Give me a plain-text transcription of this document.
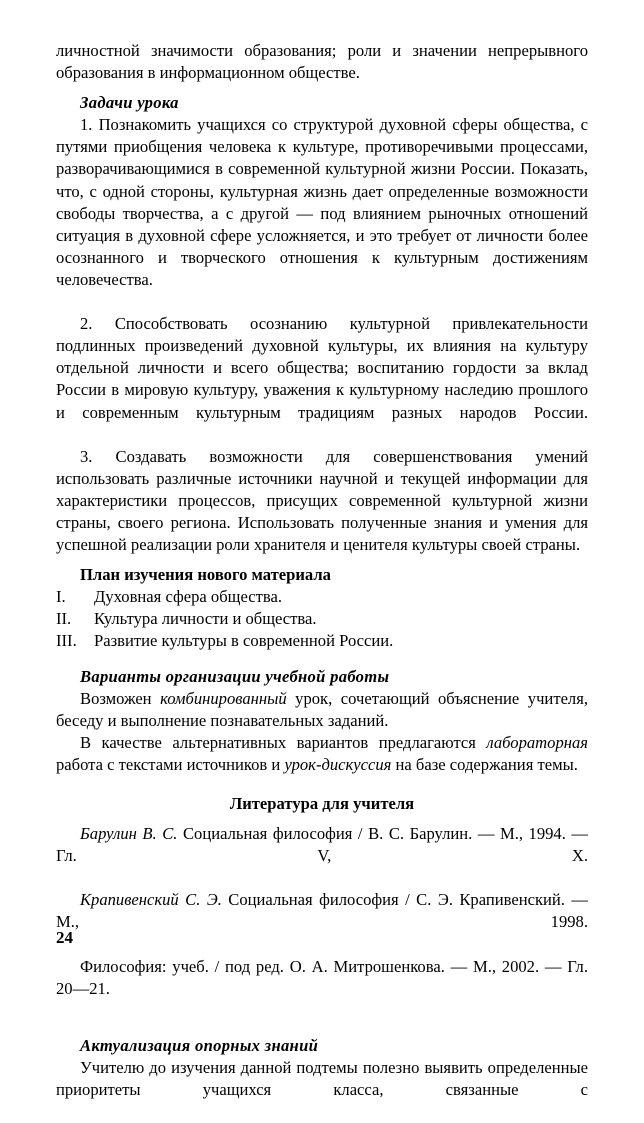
личностной значимости образования; роли и значении непрерывного образования в информационном обществе.
Задачи урока
1. Познакомить учащихся со структурой духовной сферы общества, с путями приобщения человека к культуре, противоречивыми процессами, разворачивающимися в современной культурной жизни России. Показать, что, с одной стороны, культурная жизнь дает определенные возможности свободы творчества, а с другой — под влиянием рыночных отношений ситуация в духовной сфере усложняется, и это требует от личности более осознанного и творческого отношения к культурным достижениям человечества.
2. Способствовать осознанию культурной привлекательности подлинных произведений духовной культуры, их влияния на культуру отдельной личности и всего общества; воспитанию гордости за вклад России в мировую культуру, уважения к культурному наследию прошлого и современным культурным традициям разных народов России.
3. Создавать возможности для совершенствования умений использовать различные источники научной и текущей информации для характеристики процессов, присущих современной культурной жизни страны, своего региона. Использовать полученные знания и умения для успешной реализации роли хранителя и ценителя культуры своей страны.
План изучения нового материала
I.	Духовная сфера общества.
II.	Культура личности и общества.
III.	Развитие культуры в современной России.
Варианты организации учебной работы
Возможен комбинированный урок, сочетающий объяснение учителя, беседу и выполнение познавательных заданий.
В качестве альтернативных вариантов предлагаются лабораторная работа с текстами источников и урок-дискуссия на базе содержания темы.
Литература для учителя
Барулин В. С. Социальная философия / В. С. Барулин. — М., 1994. — Гл. V, X.
Крапивенский С. Э. Социальная философия / С. Э. Крапивенский. — М., 1998.
Философия: учеб. / под ред. О. А. Митрошенкова. — М., 2002. — Гл. 20—21.
Актуализация опорных знаний
Учителю до изучения данной подтемы полезно выявить определенные приоритеты учащихся класса, связанные с
24
